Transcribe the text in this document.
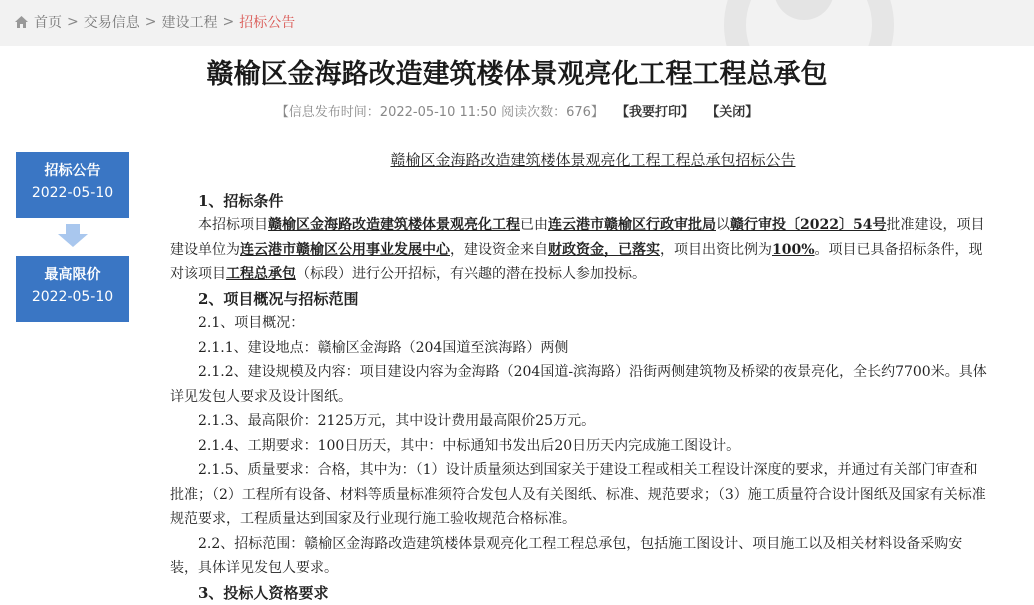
首页 > 交易信息 > 建设工程 > 招标公告
赣榆区金海路改造建筑楼体景观亮化工程工程总承包
【信息发布时间：2022-05-10 11:50 阅读次数：676】 【我要打印】 【关闭】
招标公告
2022-05-10
最高限价
2022-05-10
赣榆区金海路改造建筑楼体景观亮化工程工程总承包招标公告

1、招标条件

本招标项目赣榆区金海路改造建筑楼体景观亮化工程已由连云港市赣榆区行政审批局以赣行审投〔2022〕54号批准建设，项目建设单位为连云港市赣榆区公用事业发展中心，建设资金来自财政资金，已落实，项目出资比例为100%。项目已具备招标条件，现对该项目工程总承包（标段）进行公开招标，有兴趣的潜在投标人参加投标。

2、项目概况与招标范围

2.1、项目概况：

2.1.1、建设地点：赣榆区金海路（204国道至滨海路）两侧

2.1.2、建设规模及内容：项目建设内容为金海路（204国道-滨海路）沿街两侧建筑物及桥梁的夜景亮化，全长约7700米。具体详见发包人要求及设计图纸。

2.1.3、最高限价：2125万元，其中设计费用最高限价25万元。

2.1.4、工期要求：100日历天，其中：中标通知书发出后20日历天内完成施工图设计。

2.1.5、质量要求：合格，其中为：（1）设计质量须达到国家关于建设工程或相关工程设计深度的要求，并通过有关部门审查和批准；（2）工程所有设备、材料等质量标准须符合发包人及有关图纸、标准、规范要求；（3）施工质量符合设计图纸及国家有关标准规范要求，工程质量达到国家及行业现行施工验收规范合格标准。

2.2、招标范围：赣榆区金海路改造建筑楼体景观亮化工程工程总承包，包括施工图设计、项目施工以及相关材料设备采购安装，具体详见发包人要求。

3、投标人资格要求
